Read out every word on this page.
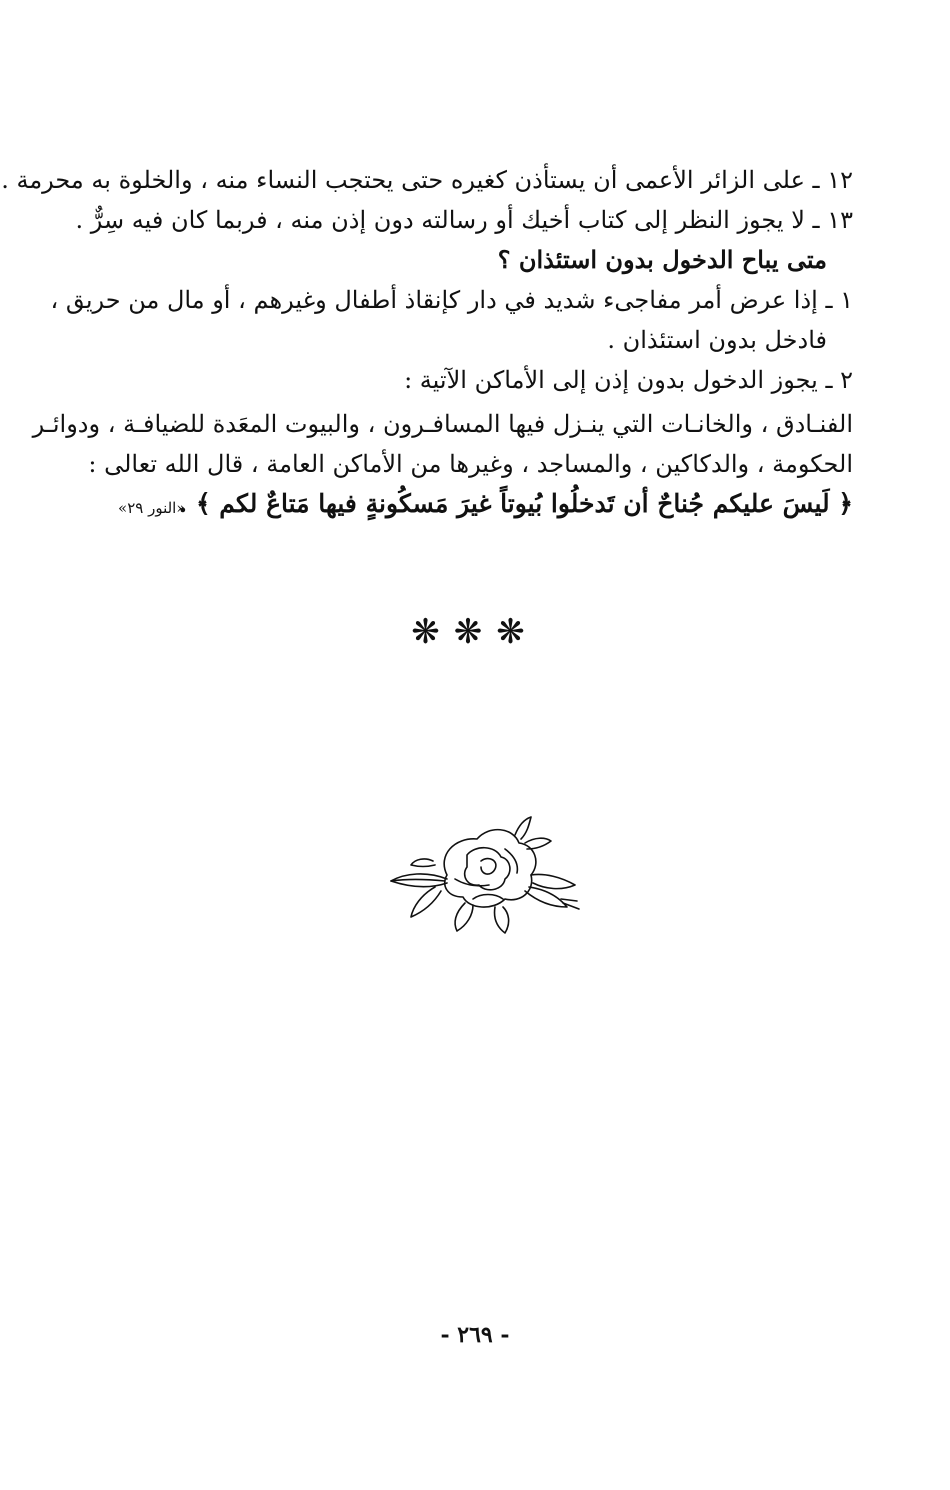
١٢ ـ على الزائر الأعمى أن يستأذن كغيره حتى يحتجب النساء منه ، والخلوة به محرمة .
١٣ ـ لا يجوز النظر إلى كتاب أخيك أو رسالته دون إذن منه ، فربما كان فيه سِرٌّ .
متى يباح الدخول بدون استئذان ؟
١ ـ إذا عرض أمر مفاجىء شديد في دار كإنقاذ أطفال وغيرهم ، أو مال من حريق ،
فادخل بدون استئذان .
٢ ـ يجوز الدخول بدون إذن إلى الأماكن الآتية :
الفنـادق ، والخانـات التي ينـزل فيها المسافـرون ، والبيوت المعَدة للضيافـة ، ودوائـر
الحكومة ، والدكاكين ، والمساجد ، وغيرها من الأماكن العامة ، قال الله تعالى :
﴿ لَيسَ عليكم جُناحٌ أن تَدخلُوا بُيوتاً غيرَ مَسكُونةٍ فيها مَتاعٌ لكم ﴾ .
«النور ٢٩»
❋❋❋
- ٢٦٩ -
